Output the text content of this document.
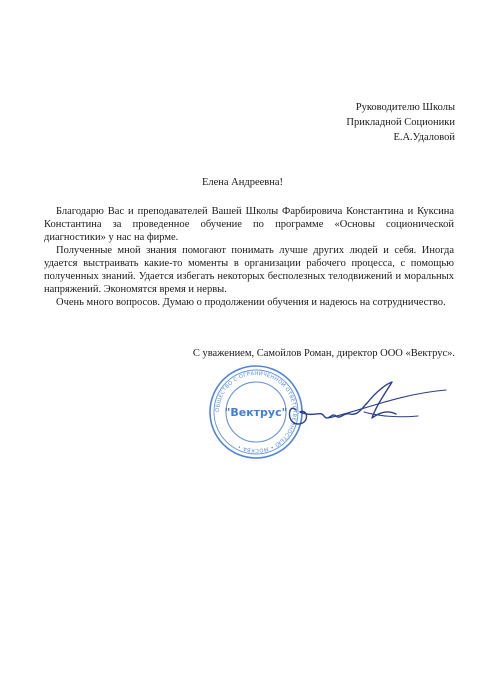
Руководителю Школы
Прикладной Соционики
Е.А.Удаловой
Елена Андреевна!

Благодарю Вас и преподавателей Вашей Школы Фарбировича Константина и Куксина Константина за проведенное обучение по программе «Основы соционической диагностики» у нас на фирме.

Полученные мной знания помогают понимать лучше других людей и себя. Иногда удается выстраивать какие-то моменты в организации рабочего процесса, с помощью полученных знаний. Удается избегать некоторых бесполезных телодвижений и моральных напряжений. Экономятся время и нервы.

Очень много вопросов. Думаю о продолжении обучения и надеюсь на сотрудничество.

С уважением, Самойлов Роман, директор ООО «Вектрус».
ОБЩЕСТВО С ОГРАНИЧЕННОЙ ОТВЕТСТВЕННОСТЬЮ • МОСКВА •
"Вектрус"
